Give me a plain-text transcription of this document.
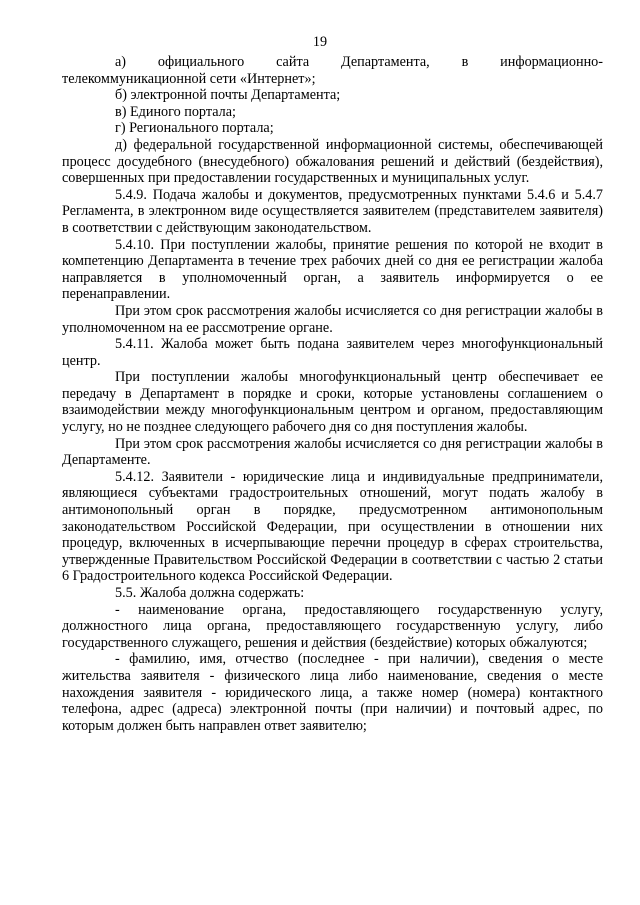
19

а) официального сайта Департамента, в информационно-телекоммуникационной сети «Интернет»;

б) электронной почты Департамента;

в) Единого портала;

г) Регионального портала;

д) федеральной государственной информационной системы, обеспечивающей процесс досудебного (внесудебного) обжалования решений и действий (бездействия), совершенных при предоставлении государственных и муниципальных услуг.

5.4.9. Подача жалобы и документов, предусмотренных пунктами 5.4.6 и 5.4.7 Регламента, в электронном виде осуществляется заявителем (представителем заявителя) в соответствии с действующим законодательством.

5.4.10. При поступлении жалобы, принятие решения по которой не входит в компетенцию Департамента в течение трех рабочих дней со дня ее регистрации жалоба направляется в уполномоченный орган, а заявитель информируется о ее перенаправлении.

При этом срок рассмотрения жалобы исчисляется со дня регистрации жалобы в уполномоченном на ее рассмотрение органе.

5.4.11. Жалоба может быть подана заявителем через многофункциональный центр.

При поступлении жалобы многофункциональный центр обеспечивает ее передачу в Департамент в порядке и сроки, которые установлены соглашением о взаимодействии между многофункциональным центром и органом, предоставляющим услугу, но не позднее следующего рабочего дня со дня поступления жалобы.

При этом срок рассмотрения жалобы исчисляется со дня регистрации жалобы в Департаменте.

5.4.12. Заявители - юридические лица и индивидуальные предприниматели, являющиеся субъектами градостроительных отношений, могут подать жалобу в антимонопольный орган в порядке, предусмотренном антимонопольным законодательством Российской Федерации, при осуществлении в отношении них процедур, включенных в исчерпывающие перечни процедур в сферах строительства, утвержденные Правительством Российской Федерации в соответствии с частью 2 статьи 6 Градостроительного кодекса Российской Федерации.

5.5. Жалоба должна содержать:

- наименование органа, предоставляющего государственную услугу, должностного лица органа, предоставляющего государственную услугу, либо государственного служащего, решения и действия (бездействие) которых обжалуются;

- фамилию, имя, отчество (последнее - при наличии), сведения о месте жительства заявителя - физического лица либо наименование, сведения о месте нахождения заявителя - юридического лица, а также номер (номера) контактного телефона, адрес (адреса) электронной почты (при наличии) и почтовый адрес, по которым должен быть направлен ответ заявителю;
